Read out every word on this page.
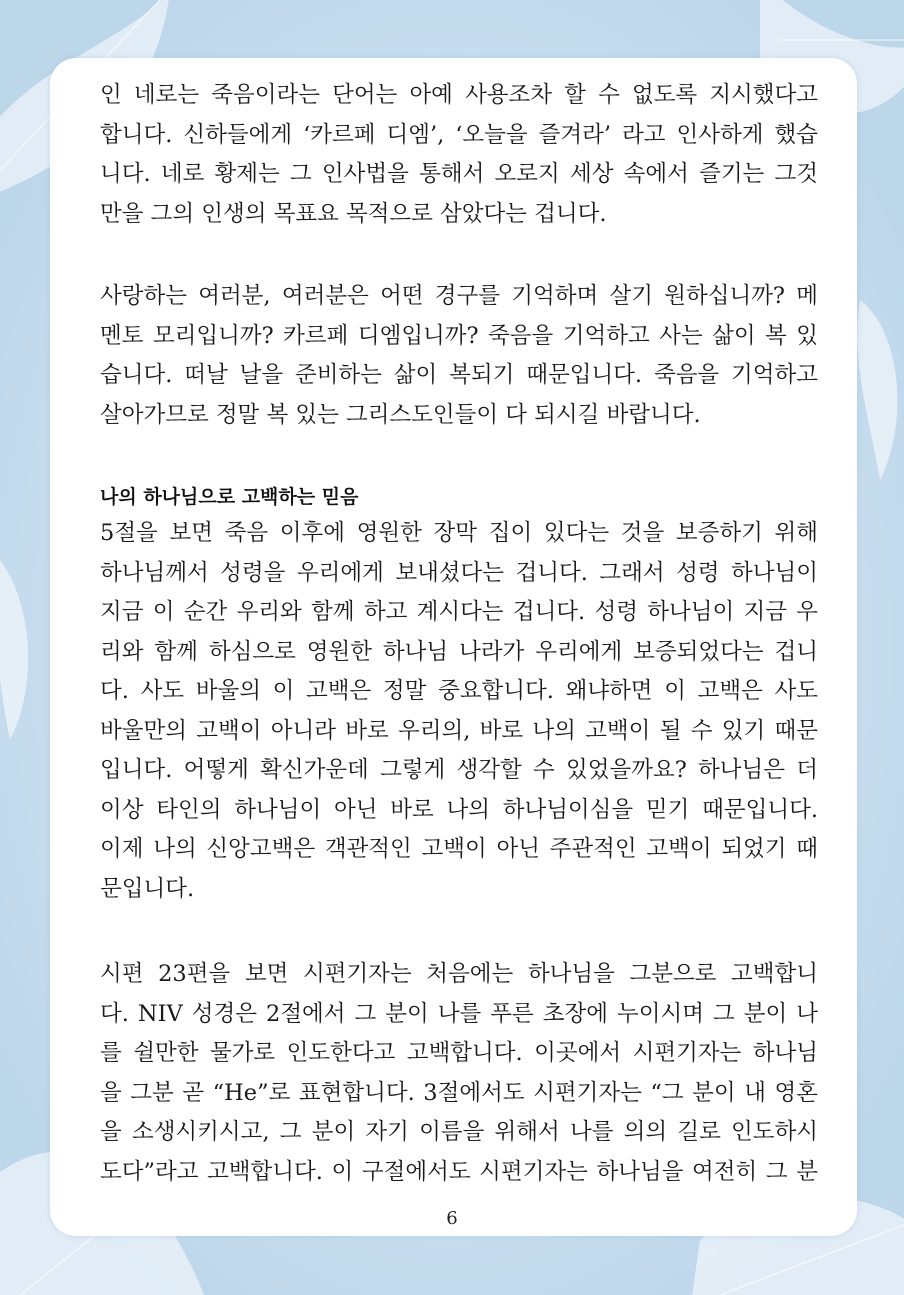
인 네로는 죽음이라는 단어는 아예 사용조차 할 수 없도록 지시했다고
합니다. 신하들에게 ‘카르페 디엠’, ‘오늘을 즐겨라’ 라고 인사하게 했습
니다. 네로 황제는 그 인사법을 통해서 오로지 세상 속에서 즐기는 그것
만을 그의 인생의 목표요 목적으로 삼았다는 겁니다.
사랑하는 여러분, 여러분은 어떤 경구를 기억하며 살기 원하십니까? 메
멘토 모리입니까? 카르페 디엠입니까? 죽음을 기억하고 사는 삶이 복 있
습니다. 떠날 날을 준비하는 삶이 복되기 때문입니다. 죽음을 기억하고
살아가므로 정말 복 있는 그리스도인들이 다 되시길 바랍니다.
나의 하나님으로 고백하는 믿음
5절을 보면 죽음 이후에 영원한 장막 집이 있다는 것을 보증하기 위해
하나님께서 성령을 우리에게 보내셨다는 겁니다. 그래서 성령 하나님이
지금 이 순간 우리와 함께 하고 계시다는 겁니다. 성령 하나님이 지금 우
리와 함께 하심으로 영원한 하나님 나라가 우리에게 보증되었다는 겁니
다. 사도 바울의 이 고백은 정말 중요합니다. 왜냐하면 이 고백은 사도
바울만의 고백이 아니라 바로 우리의, 바로 나의 고백이 될 수 있기 때문
입니다. 어떻게 확신가운데 그렇게 생각할 수 있었을까요? 하나님은 더
이상 타인의 하나님이 아닌 바로 나의 하나님이심을 믿기 때문입니다.
이제 나의 신앙고백은 객관적인 고백이 아닌 주관적인 고백이 되었기 때
문입니다.
시편 23편을 보면 시편기자는 처음에는 하나님을 그분으로 고백합니
다. NIV 성경은 2절에서 그 분이 나를 푸른 초장에 누이시며 그 분이 나
를 쉴만한 물가로 인도한다고 고백합니다. 이곳에서 시편기자는 하나님
을 그분 곧 “He”로 표현합니다. 3절에서도 시편기자는 “그 분이 내 영혼
을 소생시키시고, 그 분이 자기 이름을 위해서 나를 의의 길로 인도하시
도다”라고 고백합니다. 이 구절에서도 시편기자는 하나님을 여전히 그 분
6
